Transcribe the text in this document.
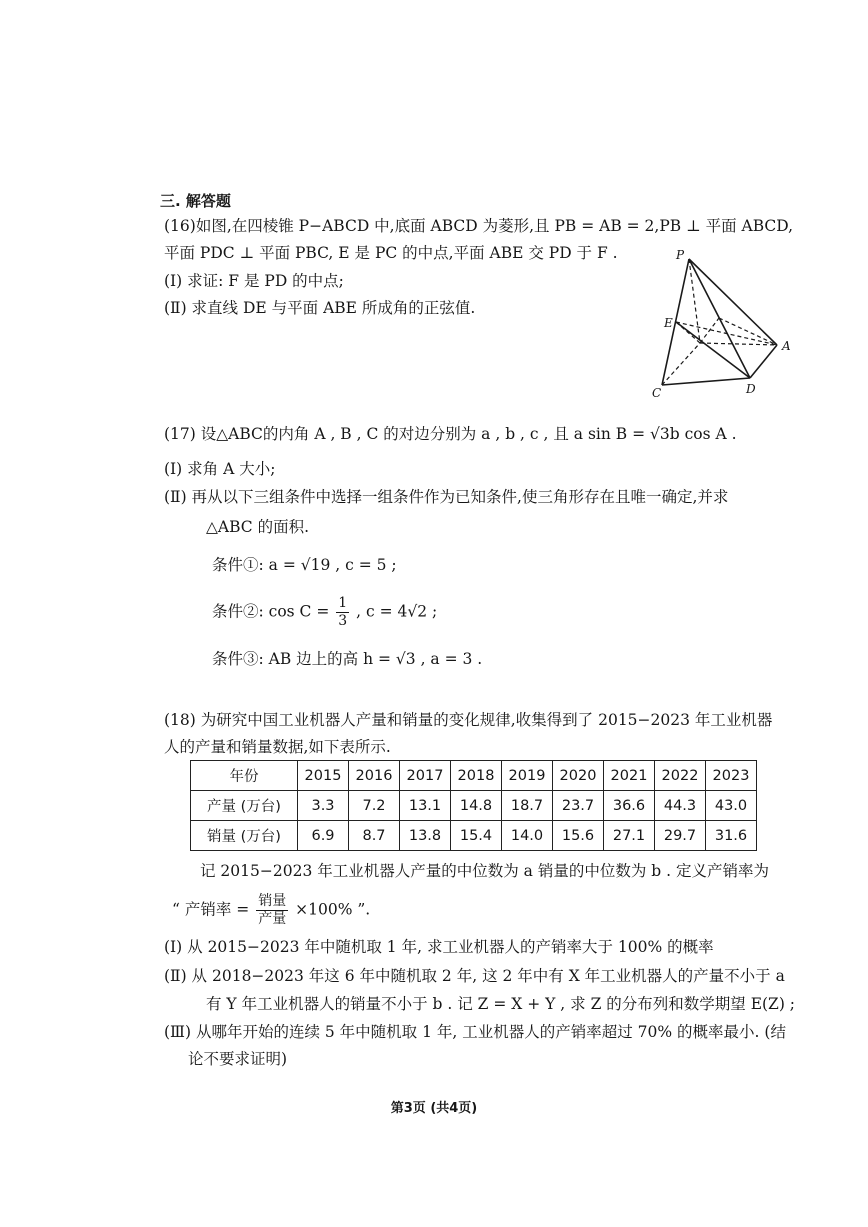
三. 解答题
(16)如图,在四棱锥 P−ABCD 中,底面 ABCD 为菱形,且 PB = AB = 2,PB ⊥ 平面 ABCD,
平面 PDC ⊥ 平面 PBC, E 是 PC 的中点,平面 ABE 交 PD 于 F .
(Ⅰ) 求证: F 是 PD 的中点;
(Ⅱ) 求直线 DE 与平面 ABE 所成角的正弦值.
P
E
A
C	D
(17) 设△ABC的内角 A , B , C 的对边分别为 a , b , c , 且 a sin B = √3b cos A .
(Ⅰ) 求角 A 大小;
(Ⅱ) 再从以下三组条件中选择一组条件作为已知条件,使三角形存在且唯一确定,并求
△ABC 的面积.
条件①: a = √19 , c = 5 ;
条件②: $\cos C = \frac{1}{3}$ , c = 4√2 ;
条件③: AB 边上的高 h = √3 , a = 3 .
(18) 为研究中国工业机器人产量和销量的变化规律,收集得到了 2015−2023 年工业机器
人的产量和销量数据,如下表所示.
年份	2015	2016	2017	2018	2019	2020	2021	2022	2023
产量 (万台)	3.3	7.2	13.1	14.8	18.7	23.7	36.6	44.3	43.0
销量 (万台)	6.9	8.7	13.8	15.4	14.0	15.6	27.1	29.7	31.6
记 2015−2023 年工业机器人产量的中位数为 a 销量的中位数为 b . 定义产销率为
“ 产销率 = $\frac{\text{销量}}{\text{产量}} \times 100\%$ ”.
(Ⅰ) 从 2015−2023 年中随机取 1 年, 求工业机器人的产销率大于 100% 的概率
(Ⅱ) 从 2018−2023 年这 6 年中随机取 2 年, 这 2 年中有 X 年工业机器人的产量不小于 a
有 Y 年工业机器人的销量不小于 b . 记 Z = X + Y , 求 Z 的分布列和数学期望 E(Z) ;
(Ⅲ) 从哪年开始的连续 5 年中随机取 1 年, 工业机器人的产销率超过 70% 的概率最小. (结
论不要求证明)
第3页 (共4页)
